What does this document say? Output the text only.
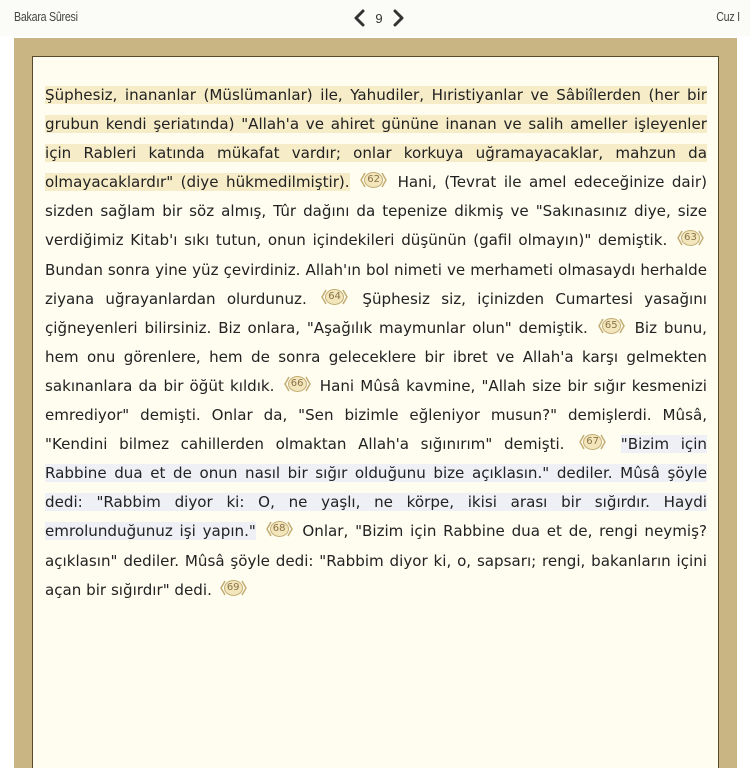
Bakara Sûresi	9	Cuz I
Şüphesiz, inananlar (Müslümanlar) ile, Yahudiler, Hıristiyanlar ve Sâbiîlerden (her bir grubun kendi şeriatında) "Allah'a ve ahiret gününe inanan ve salih ameller işleyenler için Rableri katında mükafat vardır; onlar korkuya uğramayacaklar, mahzun da olmayacaklardır" (diye hükmedilmiştir).	62	Hani, (Tevrat ile amel edeceğinize dair) sizden sağlam bir söz almış, Tûr dağını da tepenize dikmiş ve "Sakınasınız diye, size verdiğimiz Kitab'ı sıkı tutun, onun içindekileri düşünün (gafil olmayın)" demiştik.	63
Bundan sonra yine yüz çevirdiniz. Allah'ın bol nimeti ve merhameti olmasaydı herhalde ziyana uğrayanlardan olurdunuz.	64	Şüphesiz siz, içinizden Cumartesi yasağını çiğneyenleri bilirsiniz. Biz onlara, "Aşağılık maymunlar olun" demiştik.	65	Biz bunu, hem onu görenlere, hem de sonra geleceklere bir ibret ve Allah'a karşı gelmekten sakınanlara da bir öğüt kıldık.	66	Hani Mûsâ kavmine, "Allah size bir sığır kesmenizi emrediyor" demişti. Onlar da, "Sen bizimle eğleniyor musun?" demişlerdi. Mûsâ, "Kendini bilmez cahillerden olmaktan Allah'a sığınırım" demişti.	67	"Bizim için Rabbine dua et de onun nasıl bir sığır olduğunu bize açıklasın." dediler. Mûsâ şöyle dedi: "Rabbim diyor ki: O, ne yaşlı, ne körpe, ikisi arası bir sığırdır. Haydi emrolunduğunuz işi yapın."	68	Onlar, "Bizim için Rabbine dua et de, rengi neymiş? açıklasın" dediler. Mûsâ şöyle dedi: "Rabbim diyor ki, o, sapsarı; rengi, bakanların içini açan bir sığırdır" dedi.	69
